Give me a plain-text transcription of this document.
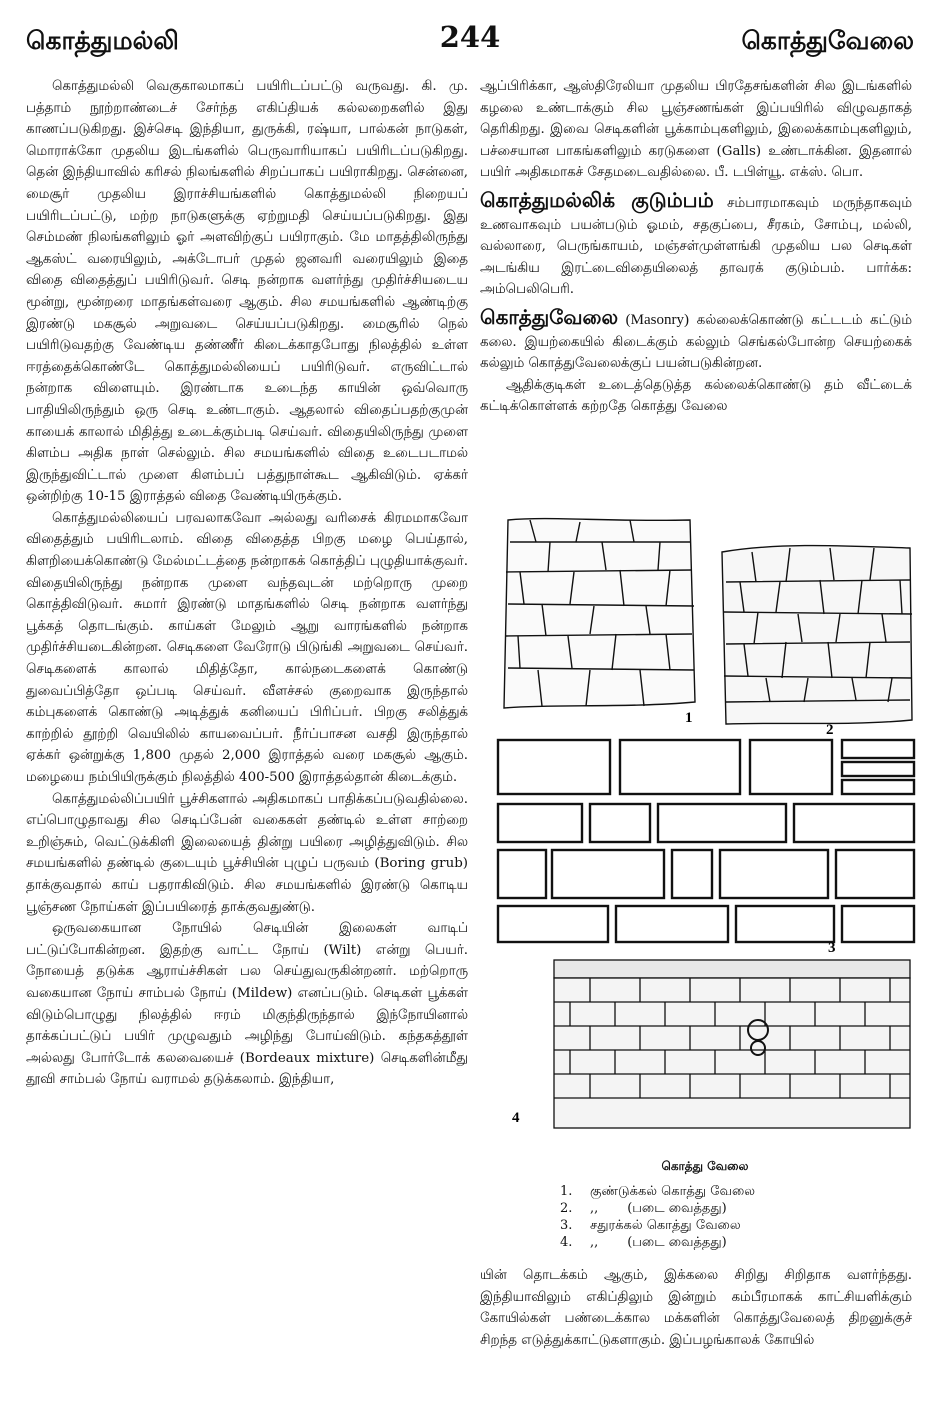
கொத்துமல்லி	244	கொத்துவேலை

கொத்துமல்லி வெகுகாலமாகப் பயிரிடப்பட்டு வருவது. கி. மு. பத்தாம் நூற்றாண்டைச் சேர்ந்த எகிப்தியக் கல்லறைகளில் இது காணப்படுகிறது. இச்செடி இந்தியா, துருக்கி, ரஷ்யா, பால்கன் நாடுகள், மொராக்கோ முதலிய இடங்களில் பெருவாரியாகப் பயிரிடப்படுகிறது. தென் இந்தியாவில் கரிசல் நிலங்களில் சிறப்பாகப் பயிராகிறது. சென்னை, மைசூர் முதலிய இராச்சியங்களில் கொத்துமல்லி நிறையப் பயிரிடப்பட்டு, மற்ற நாடுகளுக்கு ஏற்றுமதி செய்யப்படுகிறது. இது செம்மண் நிலங்களிலும் ஓர் அளவிற்குப் பயிராகும். மே மாதத்திலிருந்து ஆகஸ்ட் வரையிலும், அக்டோபர் முதல் ஜனவரி வரையிலும் இதை விதை விதைத்துப் பயிரிடுவர். செடி நன்றாக வளர்ந்து முதிர்ச்சியடைய மூன்று, மூன்றரை மாதங்கள்வரை ஆகும். சில சமயங்களில் ஆண்டிற்கு இரண்டு மகசூல் அறுவடை செய்யப்படுகிறது. மைசூரில் நெல் பயிரிடுவதற்கு வேண்டிய தண்ணீர் கிடைக்காதபோது நிலத்தில் உள்ள ஈரத்தைக்கொண்டே கொத்துமல்லியைப் பயிரிடுவர். எருவிட்டால் நன்றாக விளையும். இரண்டாக உடைந்த காயின் ஒவ்வொரு பாதியிலிருந்தும் ஒரு செடி உண்டாகும். ஆதலால் விதைப்பதற்குமுன் காயைக் காலால் மிதித்து உடைக்கும்படி செய்வர். விதையிலிருந்து முளை கிளம்ப அதிக நாள் செல்லும். சில சமயங்களில் விதை உடைபடாமல் இருந்துவிட்டால் முளை கிளம்பப் பத்துநாள்கூட ஆகிவிடும். ஏக்கர் ஒன்றிற்கு 10-15 இராத்தல் விதை வேண்டியிருக்கும்.

கொத்துமல்லியைப் பரவலாகவோ அல்லது வரிசைக் கிரமமாகவோ விதைத்தும் பயிரிடலாம். விதை விதைத்த பிறகு மழை பெய்தால், கிளறியைக்கொண்டு மேல்மட்டத்தை நன்றாகக் கொத்திப் புழுதியாக்குவர். விதையிலிருந்து நன்றாக முளை வந்தவுடன் மற்றொரு முறை கொத்திவிடுவர். சுமார் இரண்டு மாதங்களில் செடி நன்றாக வளர்ந்து பூக்கத் தொடங்கும். காய்கள் மேலும் ஆறு வாரங்களில் நன்றாக முதிர்ச்சியடைகின்றன. செடிகளை வேரோடு பிடுங்கி அறுவடை செய்வர். செடிகளைக் காலால் மிதித்தோ, கால்நடைகளைக் கொண்டு துவைப்பித்தோ ஒப்படி செய்வர். வீளச்சல் குறைவாக இருந்தால் கம்புகளைக் கொண்டு அடித்துக் கனியைப் பிரிப்பர். பிறகு சலித்துக் காற்றில் தூற்றி வெயிலில் காயவைப்பர். நீர்ப்பாசன வசதி இருந்தால் ஏக்கர் ஒன்றுக்கு 1,800 முதல் 2,000 இராத்தல் வரை மகசூல் ஆகும். மழையை நம்பியிருக்கும் நிலத்தில் 400-500 இராத்தல்தான் கிடைக்கும்.

கொத்துமல்லிப்பயிர் பூச்சிகளால் அதிகமாகப் பாதிக்கப்படுவதில்லை. எப்பொழுதாவது சில செடிப்பேன் வகைகள் தண்டில் உள்ள சாற்றை உறிஞ்சும், வெட்டுக்கிளி இலையைத் தின்று பயிரை அழித்துவிடும். சில சமயங்களில் தண்டில் குடையும் பூச்சியின் புழுப் பருவம் (Boring grub) தாக்குவதால் காய் பதராகிவிடும். சில சமயங்களில் இரண்டு கொடிய பூஞ்சண நோய்கள் இப்பயிரைத் தாக்குவதுண்டு.

ஒருவகையான நோயில் செடியின் இலைகள் வாடிப் பட்டுப்போகின்றன. இதற்கு வாட்ட நோய் (Wilt) என்று பெயர். நோயைத் தடுக்க ஆராய்ச்சிகள் பல செய்துவருகின்றனர். மற்றொரு வகையான நோய் சாம்பல் நோய் (Mildew) எனப்படும். செடிகள் பூக்கள் விடும்பொழுது நிலத்தில் ஈரம் மிகுந்திருந்தால் இந்நோயினால் தாக்கப்பட்டுப் பயிர் முழுவதும் அழிந்து போய்விடும். கந்தகத்தூள் அல்லது போர்டோக் கலவையைச் (Bordeaux mixture) செடிகளின்மீது தூவி சாம்பல் நோய் வராமல் தடுக்கலாம். இந்தியா,

ஆப்பிரிக்கா, ஆஸ்திரேலியா முதலிய பிரதேசங்களின் சில இடங்களில் கழலை உண்டாக்கும் சில பூஞ்சணங்கள் இப்பயிரில் விழுவதாகத் தெரிகிறது. இவை செடிகளின் பூக்காம்புகளிலும், இலைக்காம்புகளிலும், பச்சையான பாகங்களிலும் கரடுகளை (Galls) உண்டாக்கின. இதனால் பயிர் அதிகமாகச் சேதமடைவதில்லை. பீ. டபிள்யூ. எக்ஸ். பொ.

கொத்துமல்லிக் குடும்பம் சம்பாரமாகவும் மருந்தாகவும் உணவாகவும் பயன்படும் ஓமம், சதகுப்பை, சீரகம், சோம்பு, மல்லி, வல்லாரை, பெருங்காயம், மஞ்சள்முள்ளங்கி முதலிய பல செடிகள் அடங்கிய இரட்டைவிதையிலைத் தாவரக் குடும்பம். பார்க்க: அம்பெலிபெரி.

கொத்துவேலை (Masonry) கல்லைக்கொண்டு கட்டடம் கட்டும் கலை. இயற்கையில் கிடைக்கும் கல்லும் செங்கல்போன்ற செயற்கைக் கல்லும் கொத்துவேலைக்குப் பயன்படுகின்றன.

ஆதிக்குடிகள் உடைத்தெடுத்த கல்லைக்கொண்டு தம் வீட்டைக் கட்டிக்கொள்ளக் கற்றதே கொத்து வேலை

1
2
3
4
கொத்து வேலை
1.	குண்டுக்கல் கொத்து வேலை
2.	,,       (படை வைத்தது)
3.	சதுரக்கல் கொத்து வேலை
4.	,,       (படை வைத்தது)

யின் தொடக்கம் ஆகும், இக்கலை சிறிது சிறிதாக வளர்ந்தது. இந்தியாவிலும் எகிப்திலும் இன்றும் கம்பீரமாகக் காட்சியளிக்கும் கோயில்கள் பண்டைக்கால மக்களின் கொத்துவேலைத் திறனுக்குச் சிறந்த எடுத்துக்காட்டுகளாகும். இப்பழங்காலக் கோயில்
